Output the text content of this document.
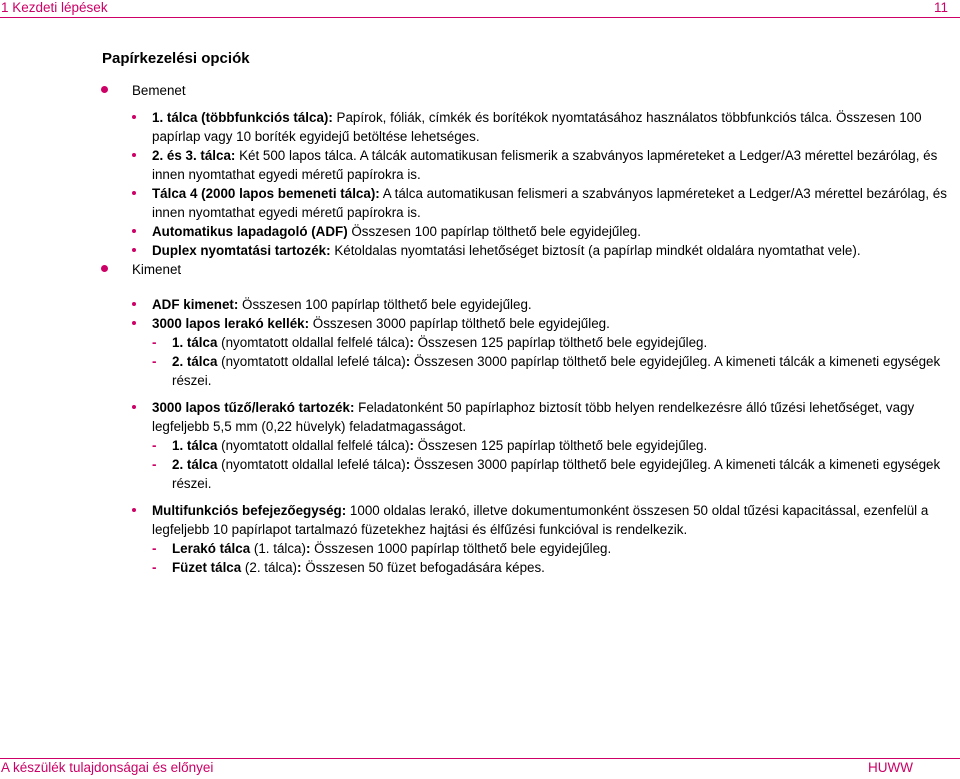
1 Kezdeti lépések	11
Papírkezelési opciók

Bemenet

1. tálca (többfunkciós tálca): Papírok, fóliák, címkék és borítékok nyomtatásához használatos többfunkciós tálca. Összesen 100 papírlap vagy 10 boríték egyidejű betöltése lehetséges.

2. és 3. tálca: Két 500 lapos tálca. A tálcák automatikusan felismerik a szabványos lapméreteket a Ledger/A3 mérettel bezárólag, és innen nyomtathat egyedi méretű papírokra is.

Tálca 4 (2000 lapos bemeneti tálca): A tálca automatikusan felismeri a szabványos lapméreteket a Ledger/A3 mérettel bezárólag, és innen nyomtathat egyedi méretű papírokra is.

Automatikus lapadagoló (ADF) Összesen 100 papírlap tölthető bele egyidejűleg.

Duplex nyomtatási tartozék: Kétoldalas nyomtatási lehetőséget biztosít (a papírlap mindkét oldalára nyomtathat vele).

Kimenet

ADF kimenet: Összesen 100 papírlap tölthető bele egyidejűleg.

3000 lapos lerakó kellék: Összesen 3000 papírlap tölthető bele egyidejűleg.

- 1. tálca (nyomtatott oldallal felfelé tálca): Összesen 125 papírlap tölthető bele egyidejűleg.

- 2. tálca (nyomtatott oldallal lefelé tálca): Összesen 3000 papírlap tölthető bele egyidejűleg. A kimeneti tálcák a kimeneti egységek részei.

3000 lapos tűző/lerakó tartozék: Feladatonként 50 papírlaphoz biztosít több helyen rendelkezésre álló tűzési lehetőséget, vagy legfeljebb 5,5 mm (0,22 hüvelyk) feladatmagasságot.

- 1. tálca (nyomtatott oldallal felfelé tálca): Összesen 125 papírlap tölthető bele egyidejűleg.

- 2. tálca (nyomtatott oldallal lefelé tálca): Összesen 3000 papírlap tölthető bele egyidejűleg. A kimeneti tálcák a kimeneti egységek részei.

Multifunkciós befejezőegység: 1000 oldalas lerakó, illetve dokumentumonként összesen 50 oldal tűzési kapacitással, ezenfelül a legfeljebb 10 papírlapot tartalmazó füzetekhez hajtási és élfűzési funkcióval is rendelkezik.

- Lerakó tálca (1. tálca): Összesen 1000 papírlap tölthető bele egyidejűleg.

- Füzet tálca (2. tálca): Összesen 50 füzet befogadására képes.

A készülék tulajdonságai és előnyei	HUWW
